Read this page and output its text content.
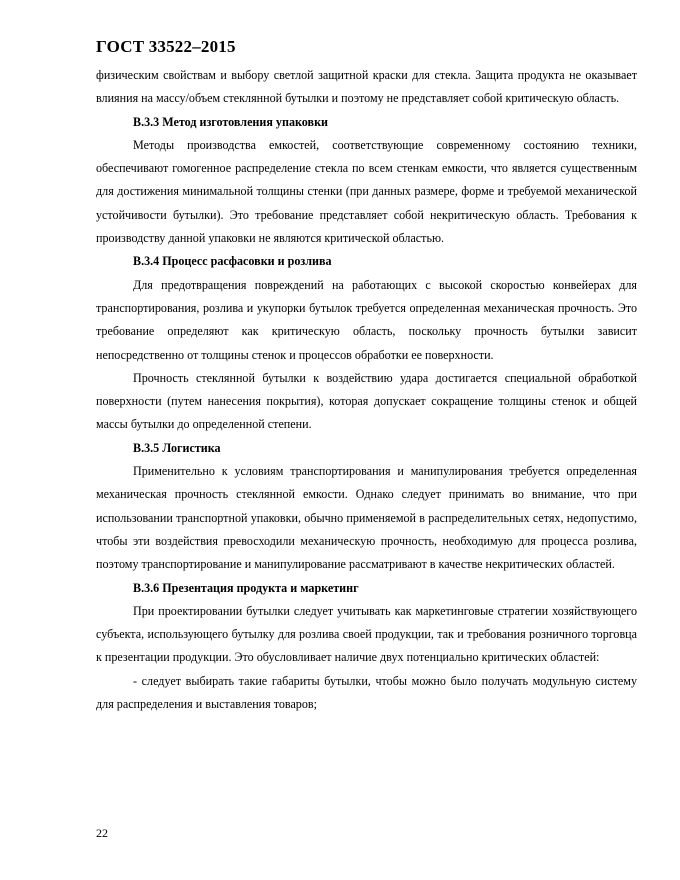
ГОСТ 33522–2015

физическим свойствам и выбору светлой защитной краски для стекла. Защита продукта не оказывает влияния на массу/объем стеклянной бутылки и поэтому не представляет собой критическую область.

В.3.3 Метод изготовления упаковки

Методы производства емкостей, соответствующие современному состоянию техники, обеспечивают гомогенное распределение стекла по всем стенкам емкости, что является существенным для достижения минимальной толщины стенки (при данных размере, форме и требуемой механической устойчивости бутылки). Это требование представляет собой некритическую область. Требования к производству данной упаковки не являются критической областью.

В.3.4 Процесс расфасовки и розлива

Для предотвращения повреждений на работающих с высокой скоростью конвейерах для транспортирования, розлива и укупорки бутылок требуется определенная механическая прочность. Это требование определяют как критическую область, поскольку прочность бутылки зависит непосредственно от толщины стенок и процессов обработки ее поверхности.

Прочность стеклянной бутылки к воздействию удара достигается специальной обработкой поверхности (путем нанесения покрытия), которая допускает сокращение толщины стенок и общей массы бутылки до определенной степени.

В.3.5 Логистика

Применительно к условиям транспортирования и манипулирования требуется определенная механическая прочность стеклянной емкости. Однако следует принимать во внимание, что при использовании транспортной упаковки, обычно применяемой в распределительных сетях, недопустимо, чтобы эти воздействия превосходили механическую прочность, необходимую для процесса розлива, поэтому транспортирование и манипулирование рассматривают в качестве некритических областей.

В.3.6 Презентация продукта и маркетинг

При проектировании бутылки следует учитывать как маркетинговые стратегии хозяйствующего субъекта, использующего бутылку для розлива своей продукции, так и требования розничного торговца к презентации продукции. Это обусловливает наличие двух потенциально критических областей:

- следует выбирать такие габариты бутылки, чтобы можно было получать модульную систему для распределения и выставления товаров;

22
